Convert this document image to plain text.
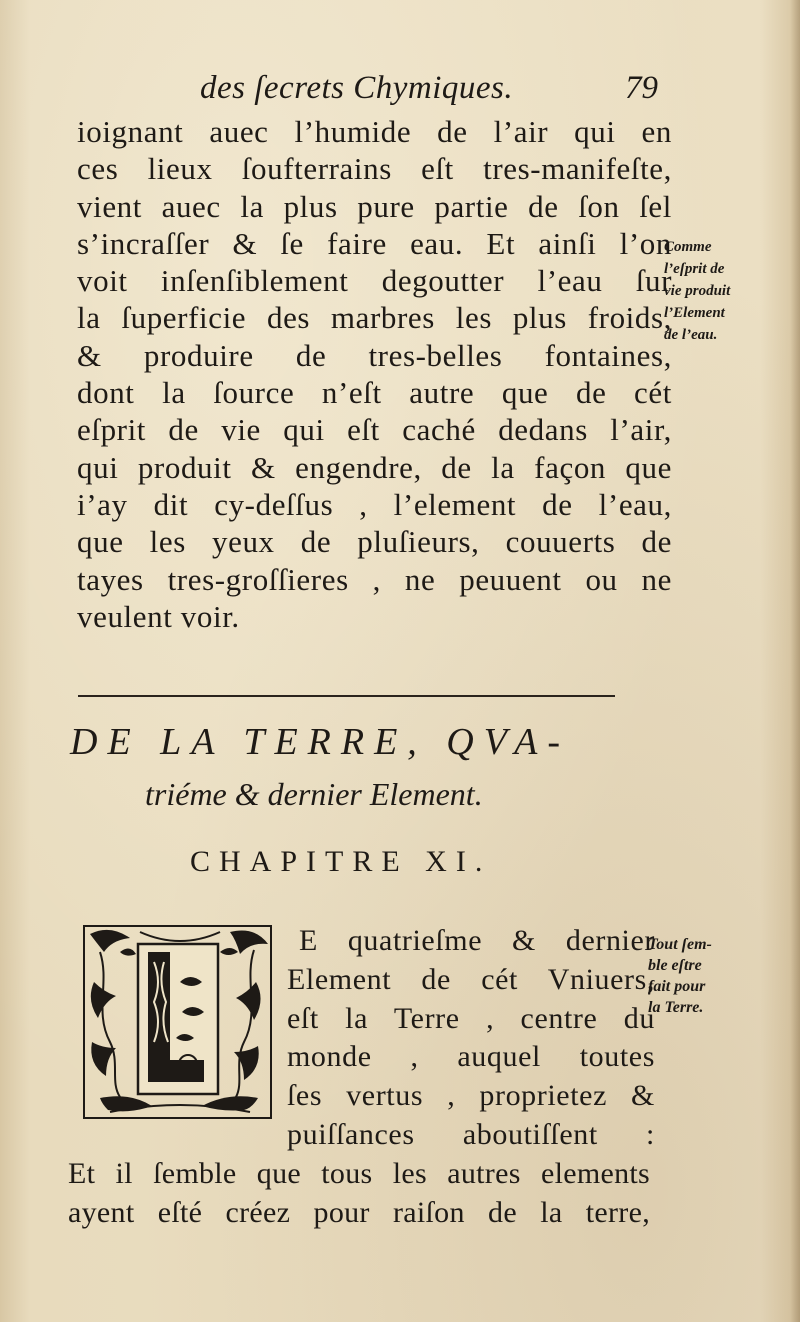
des ſecrets Chymiques.	79
ioignant auec l’humide de l’air qui en
ces lieux ſoufterrains eſt tres-manifeſte,
vient auec la plus pure partie de ſon ſel
s’incraſſer & ſe faire eau. Et ainſi l’on
voit inſenſiblement degoutter l’eau ſur
la ſuperficie des marbres les plus froids,
& produire de tres-belles fontaines,
dont la ſource n’eſt autre que de cét
eſprit de vie qui eſt caché dedans l’air,
qui produit & engendre, de la façon que
i’ay dit cy-deſſus , l’element de l’eau,
que les yeux de pluſieurs, couuerts de
tayes tres-groſſieres , ne peuuent ou ne
veulent voir.
Comme
l’eſprit de
vie produit
l’Element
de l’eau.
DE LA TERRE, QVA-
triéme & dernier Element.
CHAPITRE XI.
E quatrieſme & dernier
Element de cét Vniuers,
eſt la Terre , centre du
monde , auquel toutes
ſes vertus , proprietez &
puiſſances aboutiſſent :
Tout ſem-
ble eſtre
fait pour
la Terre.
Et il ſemble que tous les autres elements
ayent eſté créez pour raiſon de la terre,
